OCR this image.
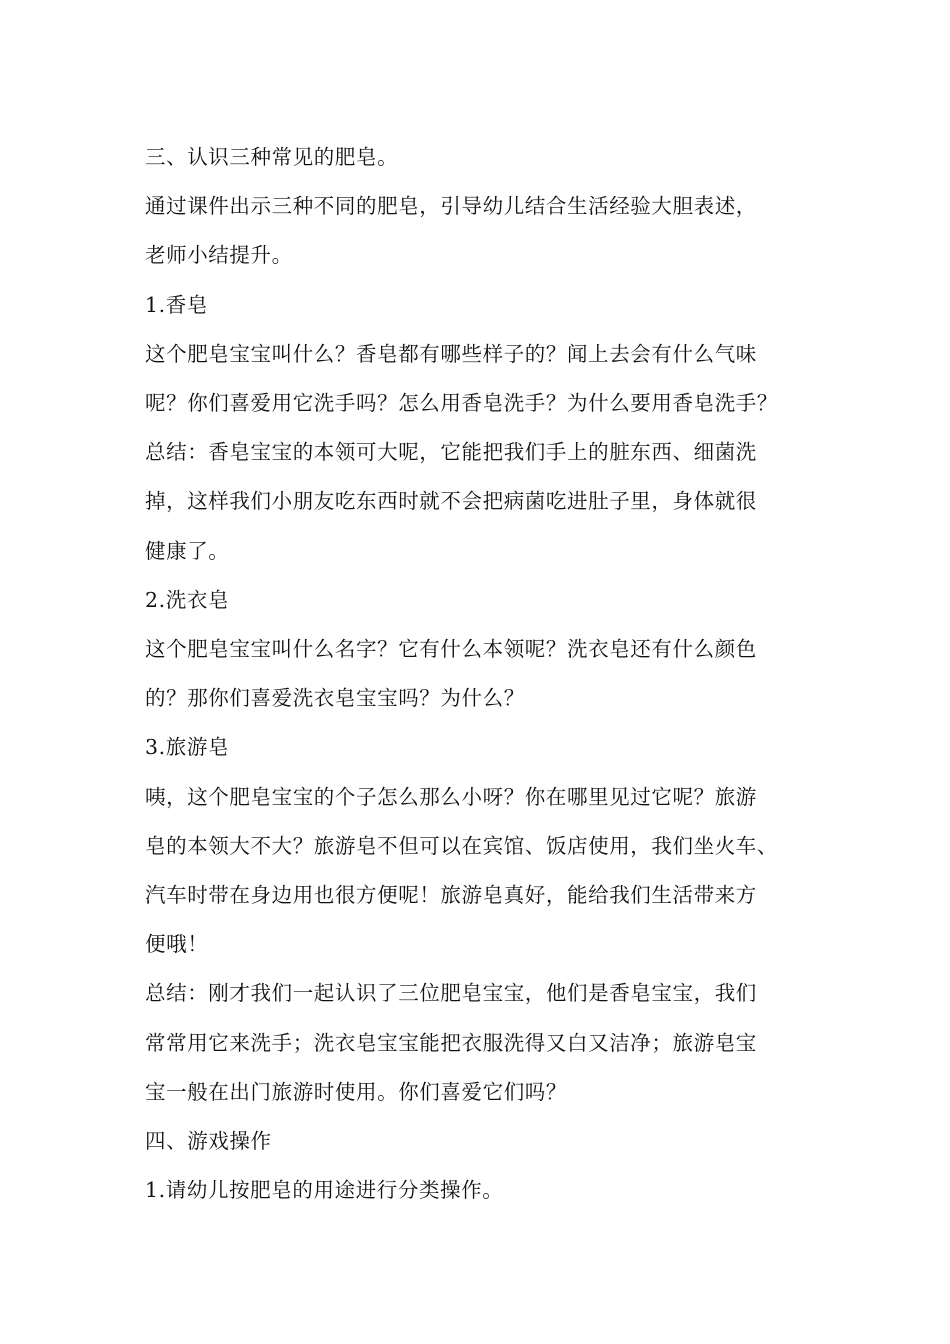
三、认识三种常见的肥皂。

通过课件出示三种不同的肥皂，引导幼儿结合生活经验大胆表述，

老师小结提升。

1.香皂

这个肥皂宝宝叫什么？香皂都有哪些样子的？闻上去会有什么气味

呢？你们喜爱用它洗手吗？怎么用香皂洗手？为什么要用香皂洗手？

总结：香皂宝宝的本领可大呢，它能把我们手上的脏东西、细菌洗

掉，这样我们小朋友吃东西时就不会把病菌吃进肚子里，身体就很

健康了。

2.洗衣皂

这个肥皂宝宝叫什么名字？它有什么本领呢？洗衣皂还有什么颜色

的？那你们喜爱洗衣皂宝宝吗？为什么？

3.旅游皂

咦，这个肥皂宝宝的个子怎么那么小呀？你在哪里见过它呢？旅游

皂的本领大不大？旅游皂不但可以在宾馆、饭店使用，我们坐火车、

汽车时带在身边用也很方便呢！旅游皂真好，能给我们生活带来方

便哦！

总结：刚才我们一起认识了三位肥皂宝宝，他们是香皂宝宝，我们

常常用它来洗手；洗衣皂宝宝能把衣服洗得又白又洁净；旅游皂宝

宝一般在出门旅游时使用。你们喜爱它们吗？

四、游戏操作

1.请幼儿按肥皂的用途进行分类操作。
